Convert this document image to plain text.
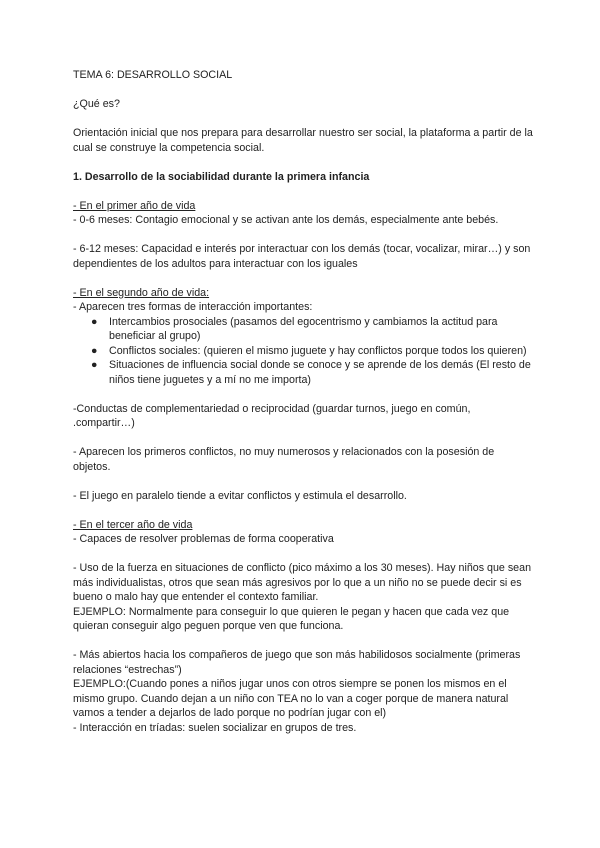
TEMA 6: DESARROLLO SOCIAL

¿Qué es?

Orientación inicial que nos prepara para desarrollar nuestro ser social, la plataforma a partir de la cual se construye la competencia social.

1. Desarrollo de la sociabilidad durante la primera infancia

- En el primer año de vida

- 0-6 meses: Contagio emocional y se activan ante los demás, especialmente ante bebés.

- 6-12 meses: Capacidad e interés por interactuar con los demás (tocar, vocalizar, mirar…) y son dependientes de los adultos para interactuar con los iguales

- En el segundo año de vida:

- Aparecen tres formas de interacción importantes:

● Intercambios prosociales (pasamos del egocentrismo y cambiamos la actitud para beneficiar al grupo)
● Conflictos sociales: (quieren el mismo juguete y hay conflictos porque todos los quieren)
● Situaciones de influencia social donde se conoce y se aprende de los demás (El resto de niños tiene juguetes y a mí no me importa)

-Conductas de complementariedad o reciprocidad (guardar turnos, juego en común, .compartir…)

- Aparecen los primeros conflictos, no muy numerosos y relacionados con la posesión de objetos.

- El juego en paralelo tiende a evitar conflictos y estimula el desarrollo.

- En el tercer año de vida

- Capaces de resolver problemas de forma cooperativa

- Uso de la fuerza en situaciones de conflicto (pico máximo a los 30 meses). Hay niños que sean más individualistas, otros que sean más agresivos por lo que a un niño no se puede decir si es bueno o malo hay que entender el contexto familiar.

EJEMPLO: Normalmente para conseguir lo que quieren le pegan y hacen que cada vez que quieran conseguir algo peguen porque ven que funciona.

- Más abiertos hacia los compañeros de juego que son más habilidosos socialmente (primeras relaciones “estrechas”)

EJEMPLO:(Cuando pones a niños jugar unos con otros siempre se ponen los mismos en el mismo grupo. Cuando dejan a un niño con TEA no lo van a coger porque de manera natural vamos a tender a dejarlos de lado porque no podrían jugar con el)

- Interacción en tríadas: suelen socializar en grupos de tres.
